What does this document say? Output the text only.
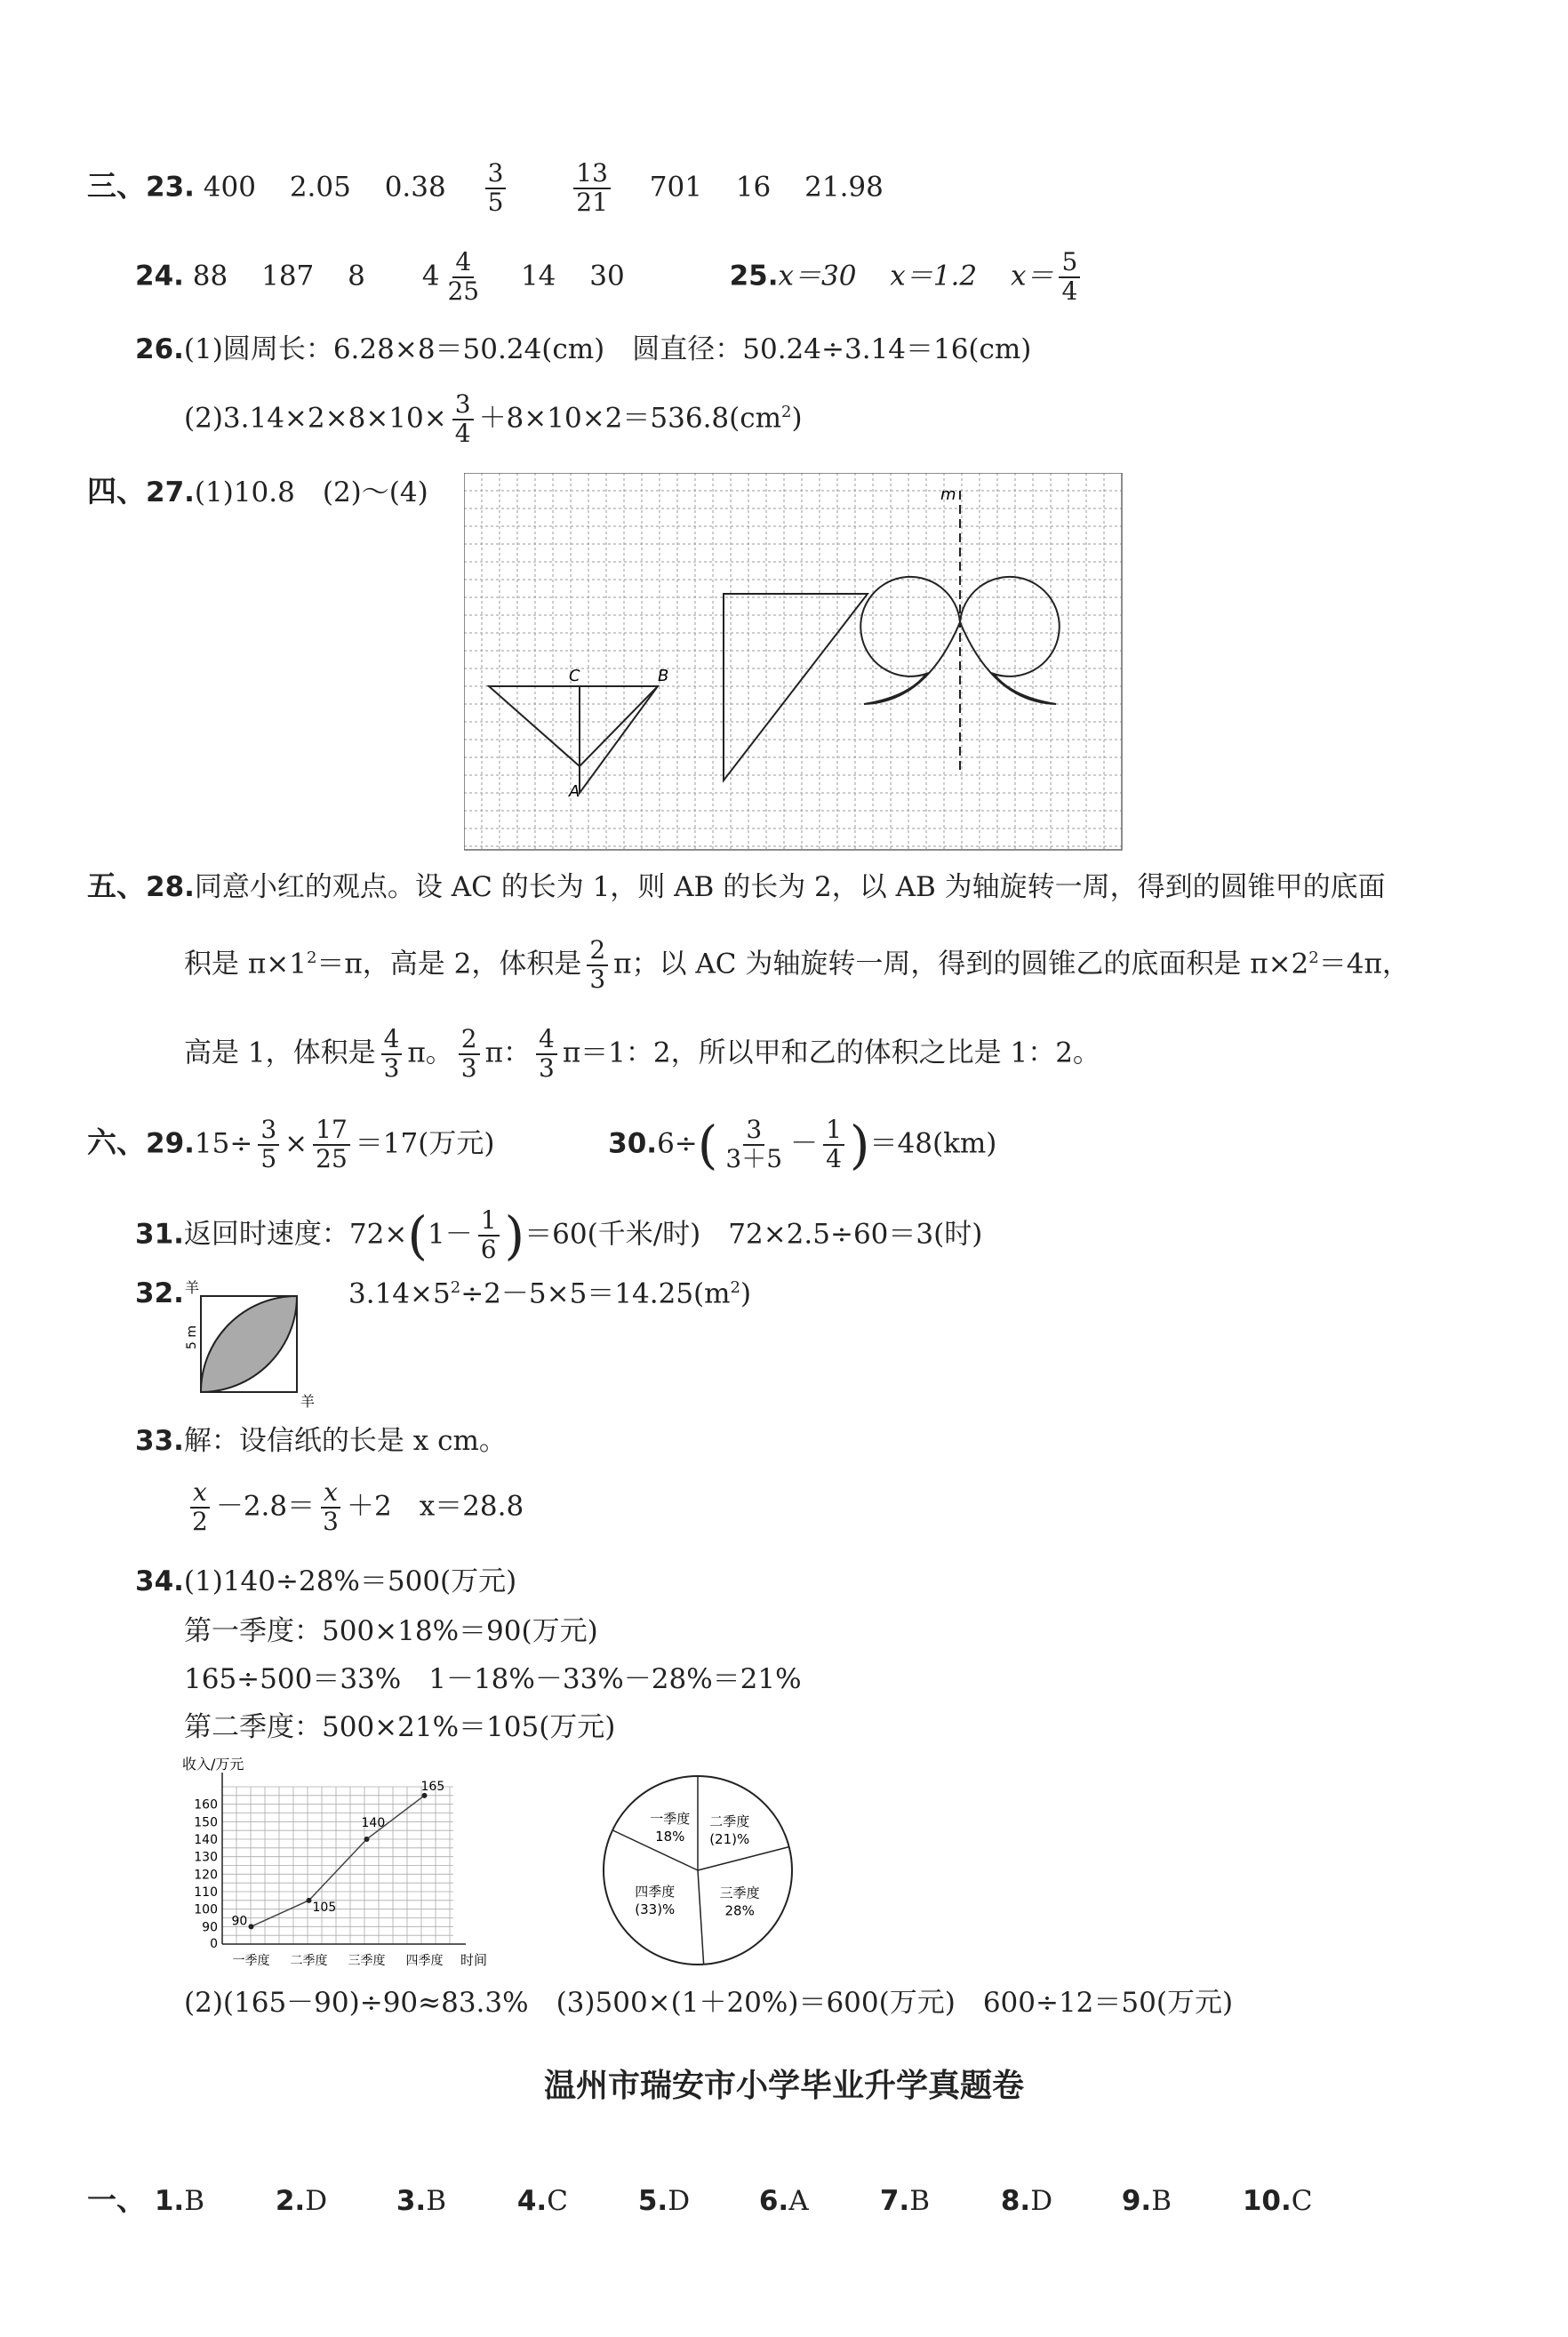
三、23. 400 2.05 $0.38 \frac{3}{5}$
	$\frac{13}{21} 701$ 16 21.98
24. 88 187 8 $4 \frac{4}{25} 14$ 30	25.x＝30 x＝1.2 $x= \frac{5}{4}$
26.(1)圆周长：6.28×8＝50.24(cm)　圆直径：50.24÷3.14＝16(cm)
$(2)3.14\times 2\times 8\times 10\times \frac{3}{4} +8\times 10\times 2=536.8(cm^2)$
四、27.(1)10.8　(2)～(4)	m
C	B
A
五、28.同意小红的观点。设 AC 的长为 1，则 AB 的长为 2，以 AB 为轴旋转一周，得到的圆锥甲的底面
积是 $\pi\times 1^2=\pi$，高是 2，体积是 $\frac{2}{3}$ π；以 AC 为轴旋转一周，得到的圆锥乙的底面积是 $\pi\times 2^2=4\pi$，
高是 1，体积是 $\frac{4}{3}$ π。 $\frac{2}{3}$ π： $\frac{4}{3} \pi=1$：2，所以甲和乙的体积之比是 1：2。
六、$29.15\div \frac{3}{5} \times \frac{17}{25} =17$(万元)	$30.6\div( \frac{3}{3+5} - \frac{1}{4} )=48(km)$
31.返回时速度：$72\times(1- \frac{1}{6} )=60$(千米/时)　72×2.5÷60＝3(时)
32. 羊
羊
5 m
$3.14\times 5^2\div 2-5\times 5=14.25(m^2)$
33.解：设信纸的长是 x cm。
$\frac{x}{2} -2.8= \frac{x}{3} +2$　x＝28.8
34.(1)140÷28%＝500(万元)
第一季度：500×18%＝90(万元)
165÷500＝33%　1－18%－33%－28%＝21%
第二季度：500×21%＝105(万元)
收入/万元
0
90
100
110
120
130
140
150
160
一季度 二季度 三季度 四季度 时间
90
105
140
165
二季度
(21)%
三季度
28%
四季度
(33)%
一季度
18%
(2)(165－90)÷90≈83.3%　(3)500×(1＋20%)＝600(万元)　600÷12＝50(万元)
温州市瑞安市小学毕业升学真题卷
一、 1.B	2.D	3.B	4.C	5.D	6.A	7.B	8.D	9.B	10.C
